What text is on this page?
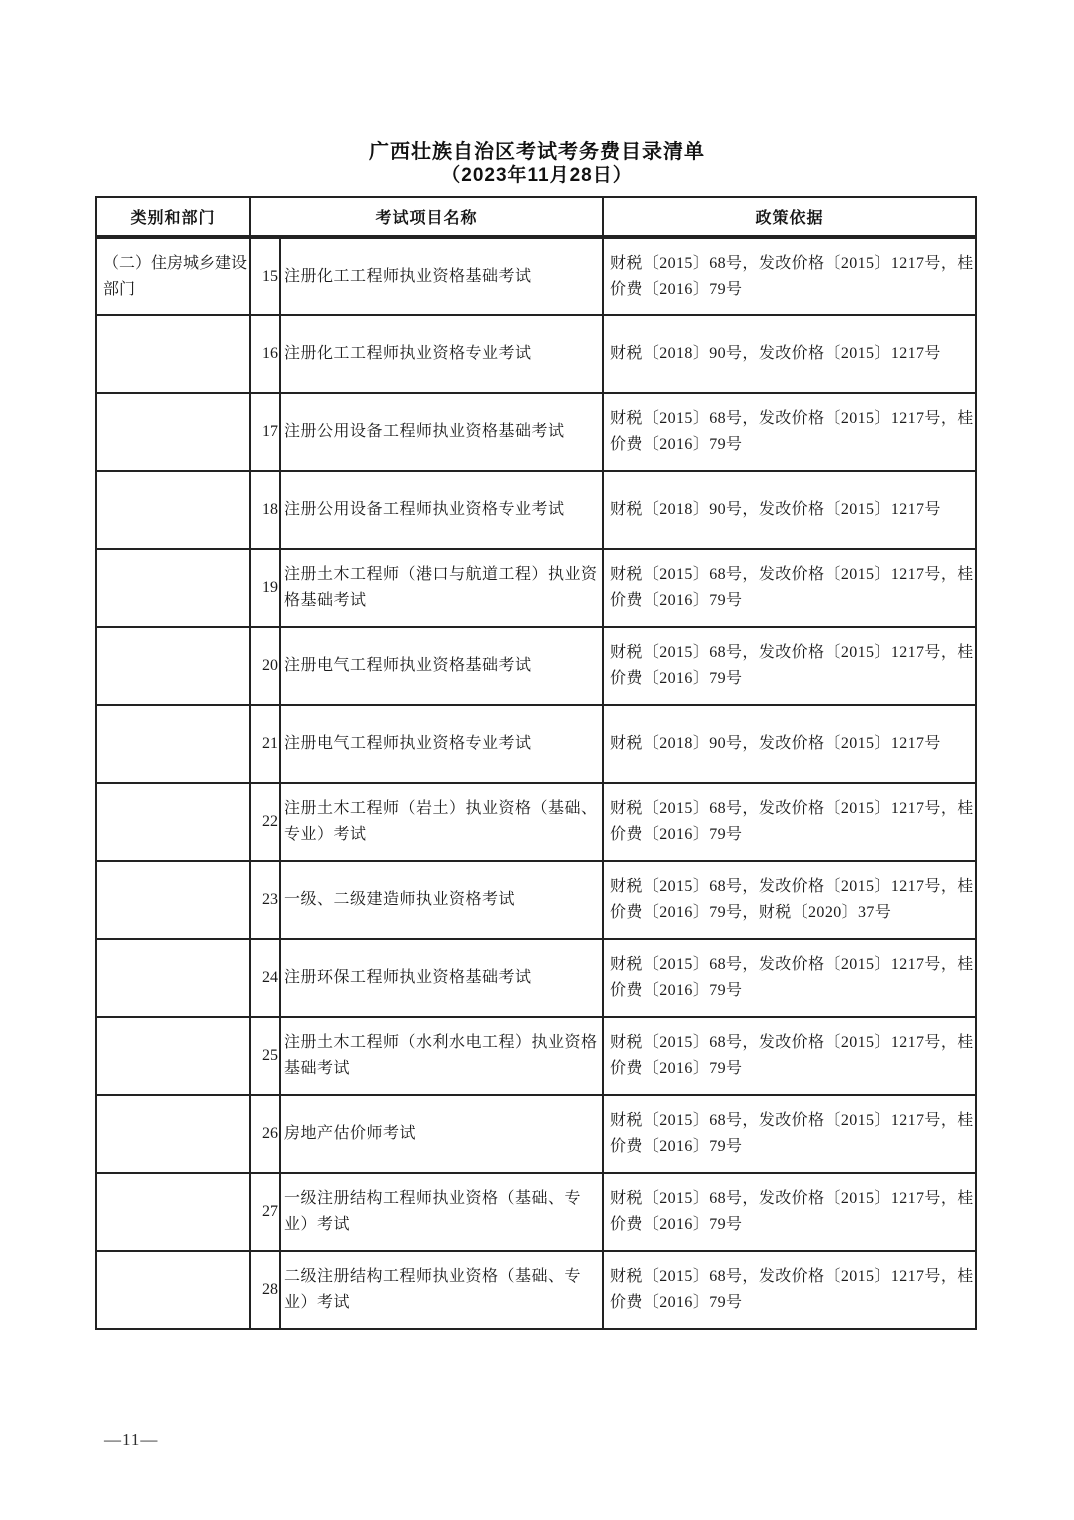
广西壮族自治区考试考务费目录清单
（2023年11月28日）
类别和部门	考试项目名称		政策依据
（二）住房城乡建设部门	15	注册化工工程师执业资格基础考试	财税〔2015〕68号，发改价格〔2015〕1217号，桂价费〔2016〕79号
	16	注册化工工程师执业资格专业考试	财税〔2018〕90号，发改价格〔2015〕1217号
	17	注册公用设备工程师执业资格基础考试	财税〔2015〕68号，发改价格〔2015〕1217号，桂价费〔2016〕79号
	18	注册公用设备工程师执业资格专业考试	财税〔2018〕90号，发改价格〔2015〕1217号
	19	注册土木工程师（港口与航道工程）执业资格基础考试	财税〔2015〕68号，发改价格〔2015〕1217号，桂价费〔2016〕79号
	20	注册电气工程师执业资格基础考试	财税〔2015〕68号，发改价格〔2015〕1217号，桂价费〔2016〕79号
	21	注册电气工程师执业资格专业考试	财税〔2018〕90号，发改价格〔2015〕1217号
	22	注册土木工程师（岩土）执业资格（基础、专业）考试	财税〔2015〕68号，发改价格〔2015〕1217号，桂价费〔2016〕79号
	23	一级、二级建造师执业资格考试	财税〔2015〕68号，发改价格〔2015〕1217号，桂价费〔2016〕79号，财税〔2020〕37号
	24	注册环保工程师执业资格基础考试	财税〔2015〕68号，发改价格〔2015〕1217号，桂价费〔2016〕79号
	25	注册土木工程师（水利水电工程）执业资格基础考试	财税〔2015〕68号，发改价格〔2015〕1217号，桂价费〔2016〕79号
	26	房地产估价师考试	财税〔2015〕68号，发改价格〔2015〕1217号，桂价费〔2016〕79号
	27	一级注册结构工程师执业资格（基础、专业）考试	财税〔2015〕68号，发改价格〔2015〕1217号，桂价费〔2016〕79号
	28	二级注册结构工程师执业资格（基础、专业）考试	财税〔2015〕68号，发改价格〔2015〕1217号，桂价费〔2016〕79号
—11—
